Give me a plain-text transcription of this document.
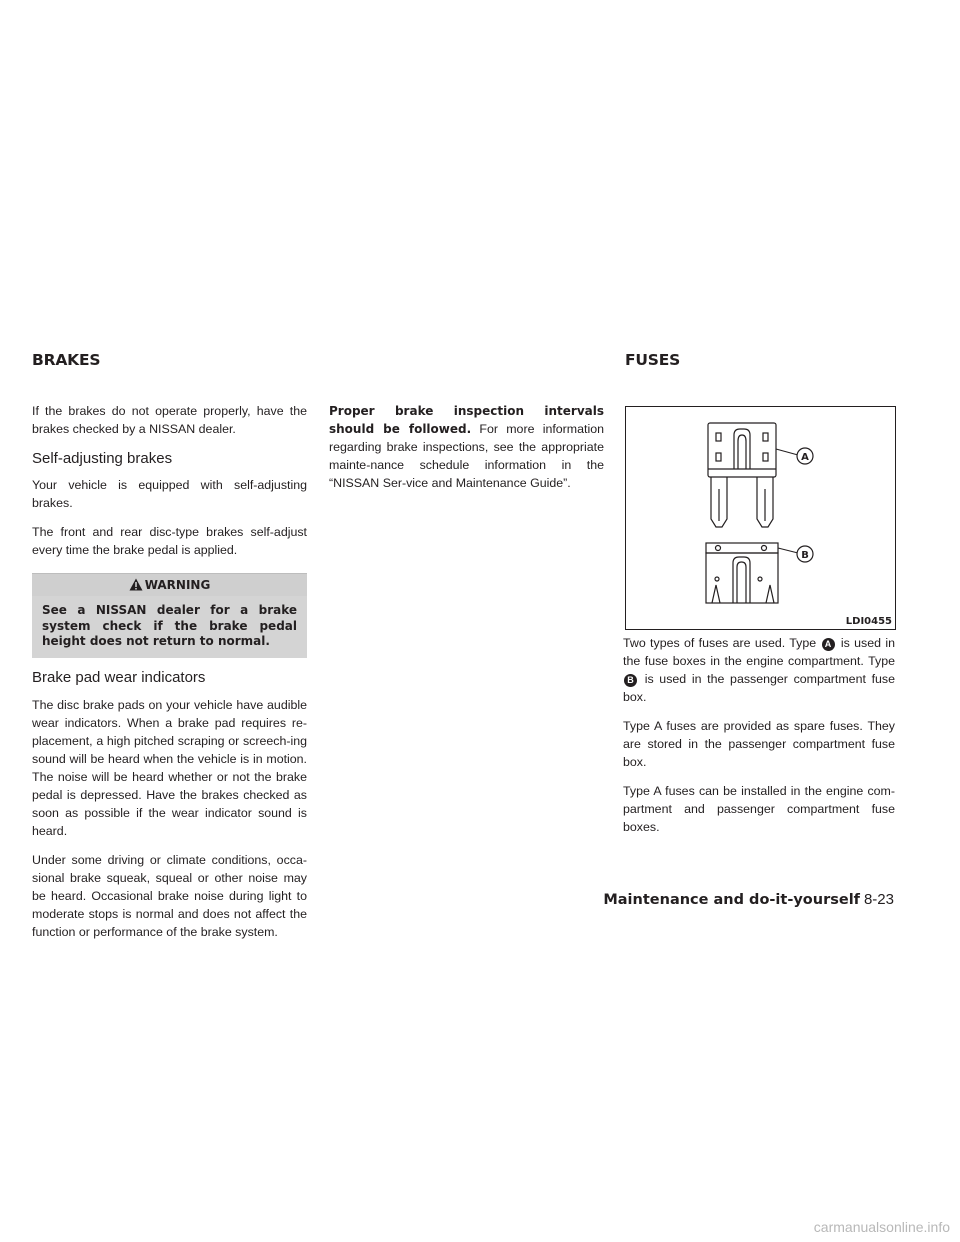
BRAKES	FUSES

If the brakes do not operate properly, have the brakes checked by a NISSAN dealer.

Self-adjusting brakes

Your vehicle is equipped with self-adjusting brakes.

The front and rear disc-type brakes self-adjust every time the brake pedal is applied.

WARNING
See a NISSAN dealer for a brake system check if the brake pedal height does not return to normal.

Brake pad wear indicators

The disc brake pads on your vehicle have audible wear indicators. When a brake pad requires re-placement, a high pitched scraping or screech-ing sound will be heard when the vehicle is in motion. The noise will be heard whether or not the brake pedal is depressed. Have the brakes checked as soon as possible if the wear indicator sound is heard.

Under some driving or climate conditions, occa-sional brake squeak, squeal or other noise may be heard. Occasional brake noise during light to moderate stops is normal and does not affect the function or performance of the brake system.

Proper brake inspection intervals should be followed. For more information regarding brake inspections, see the appropriate mainte-nance schedule information in the “NISSAN Ser-vice and Maintenance Guide”.

A
B
LDI0455

Two types of fuses are used. Type A is used in the fuse boxes in the engine compartment. Type B is used in the passenger compartment fuse box.

Type A fuses are provided as spare fuses. They are stored in the passenger compartment fuse box.

Type A fuses can be installed in the engine com-partment and passenger compartment fuse boxes.

Maintenance and do-it-yourself 8-23
carmanualsonline.info
